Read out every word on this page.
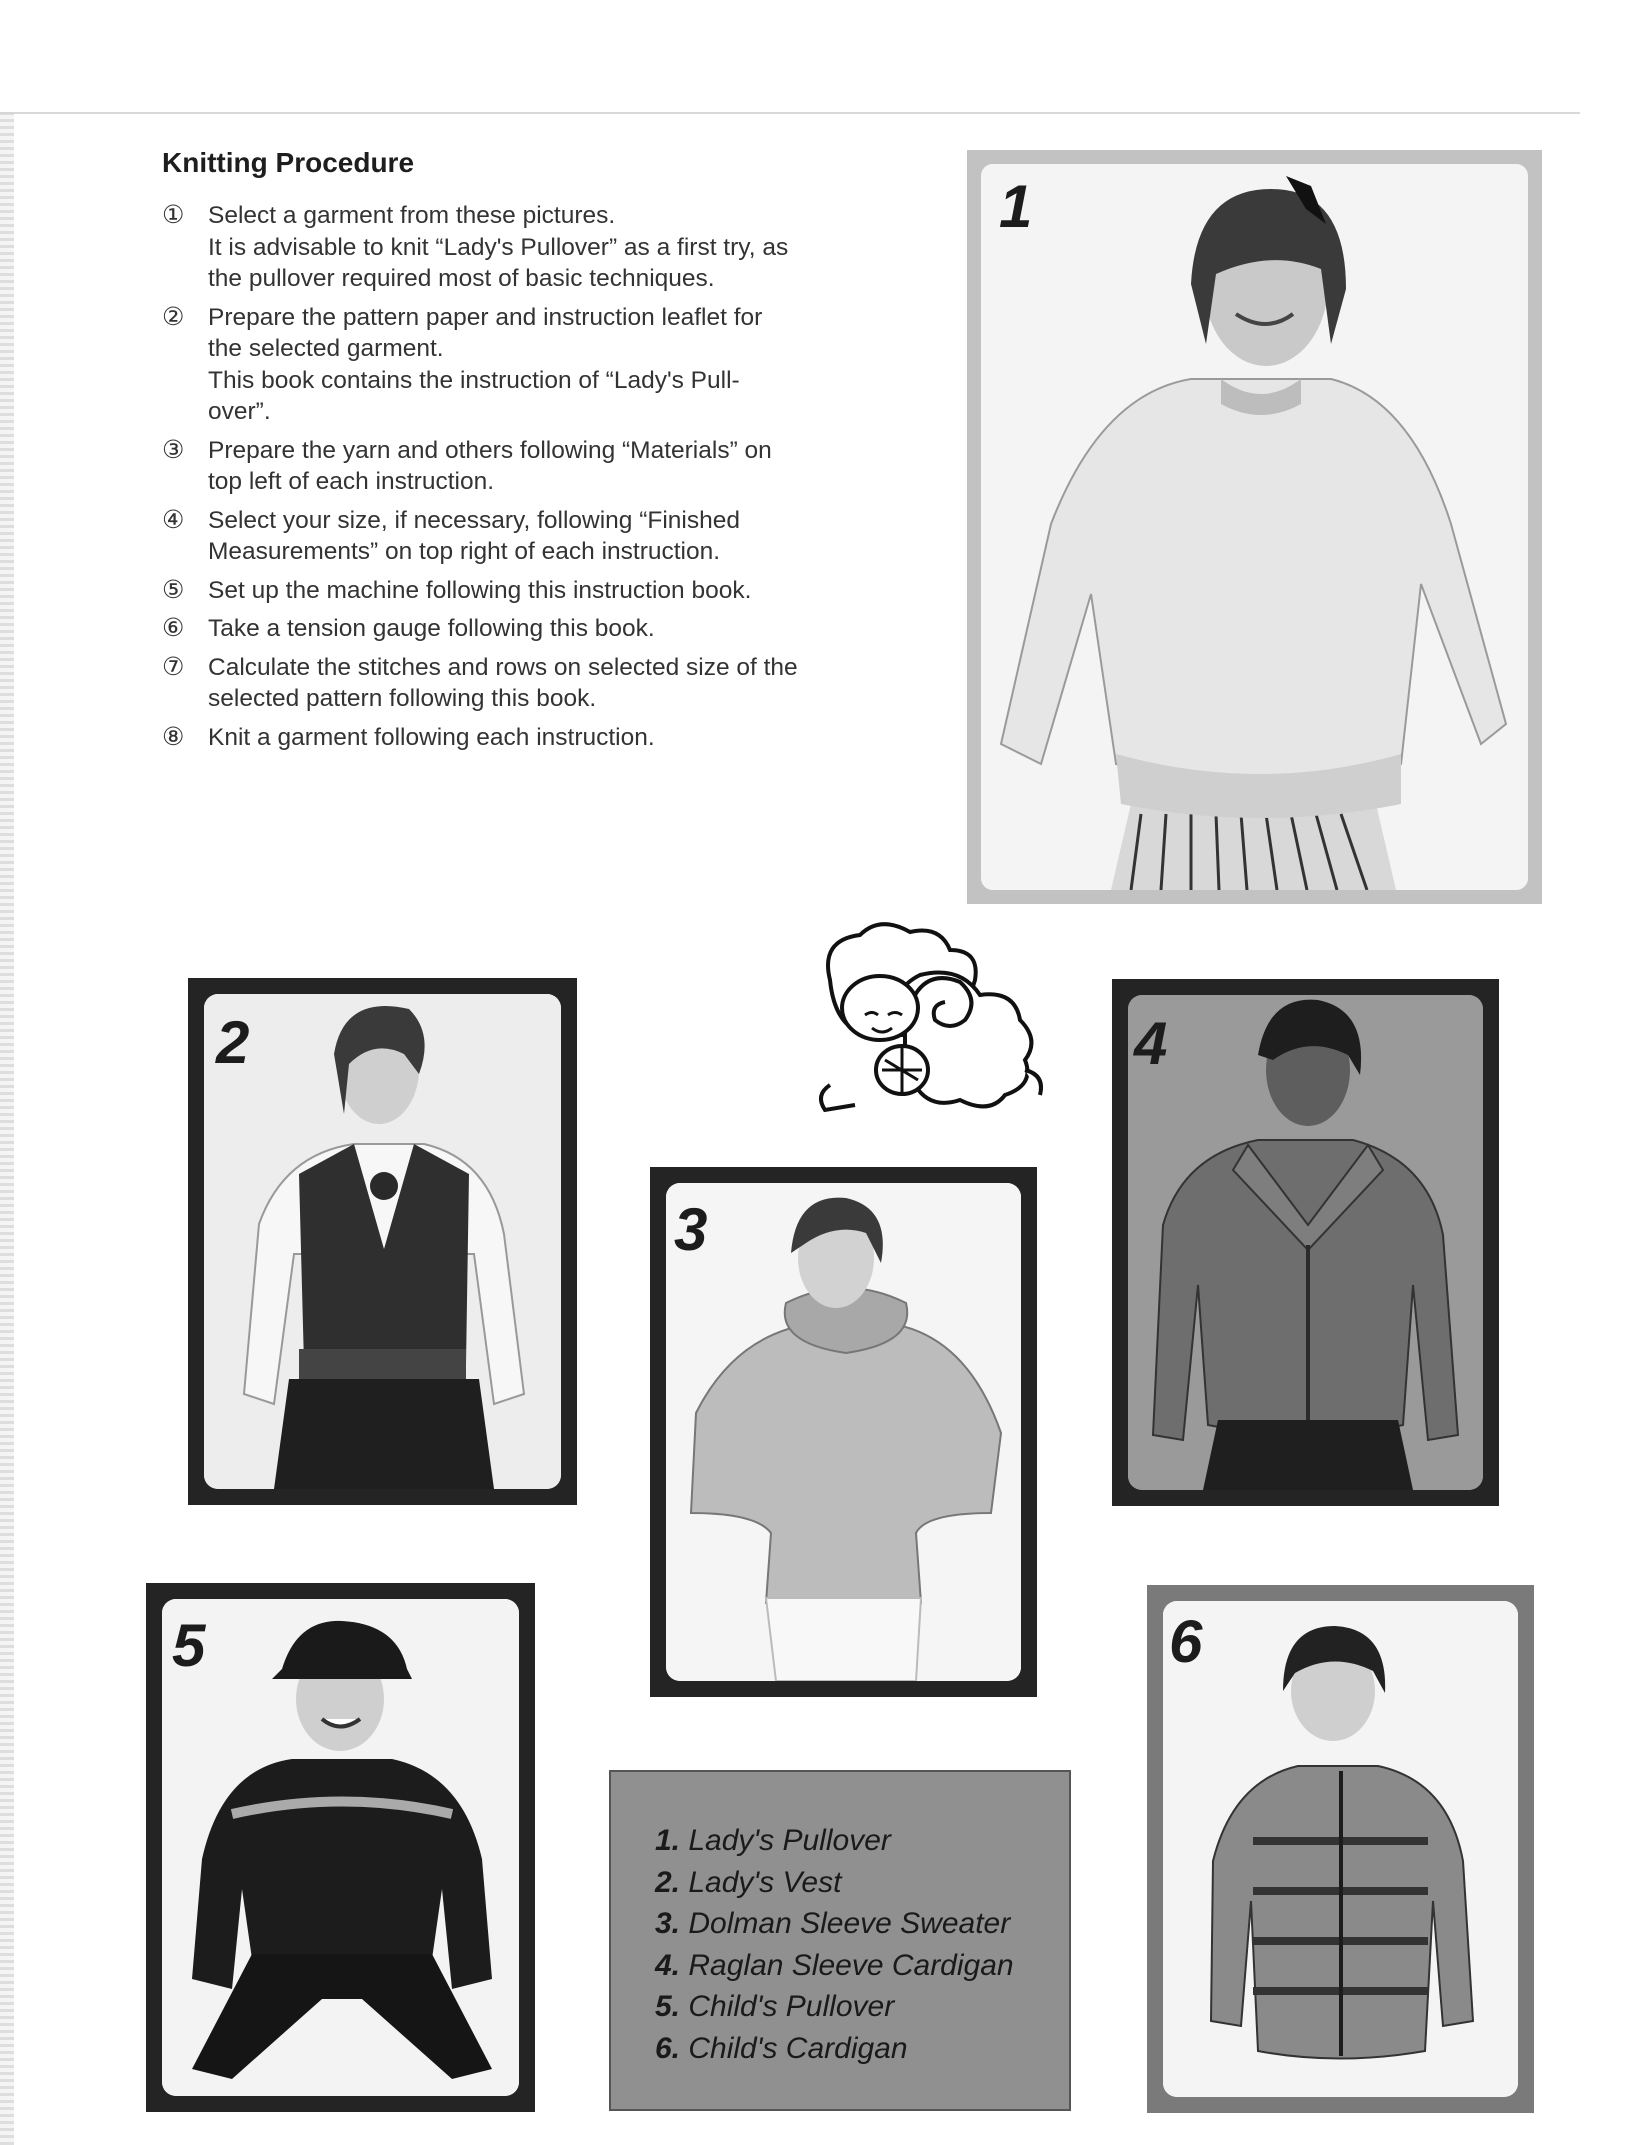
Knitting Procedure
① Select a garment from these pictures.
It is advisable to knit “Lady's Pullover” as a first try, as
the pullover required most of basic techniques.
② Prepare the pattern paper and instruction leaflet for
the selected garment.
This book contains the instruction of “Lady's Pull-
over”.
③ Prepare the yarn and others following “Materials” on
top left of each instruction.
④ Select your size, if necessary, following “Finished
Measurements” on top right of each instruction.
⑤ Set up the machine following this instruction book.
⑥ Take a tension gauge following this book.
⑦ Calculate the stitches and rows on selected size of the
selected pattern following this book.
⑧ Knit a garment following each instruction.
1
2	4
3
5
1. Lady's Pullover
2. Lady's Vest
3. Dolman Sleeve Sweater
4. Raglan Sleeve Cardigan
5. Child's Pullover
6. Child's Cardigan
6
